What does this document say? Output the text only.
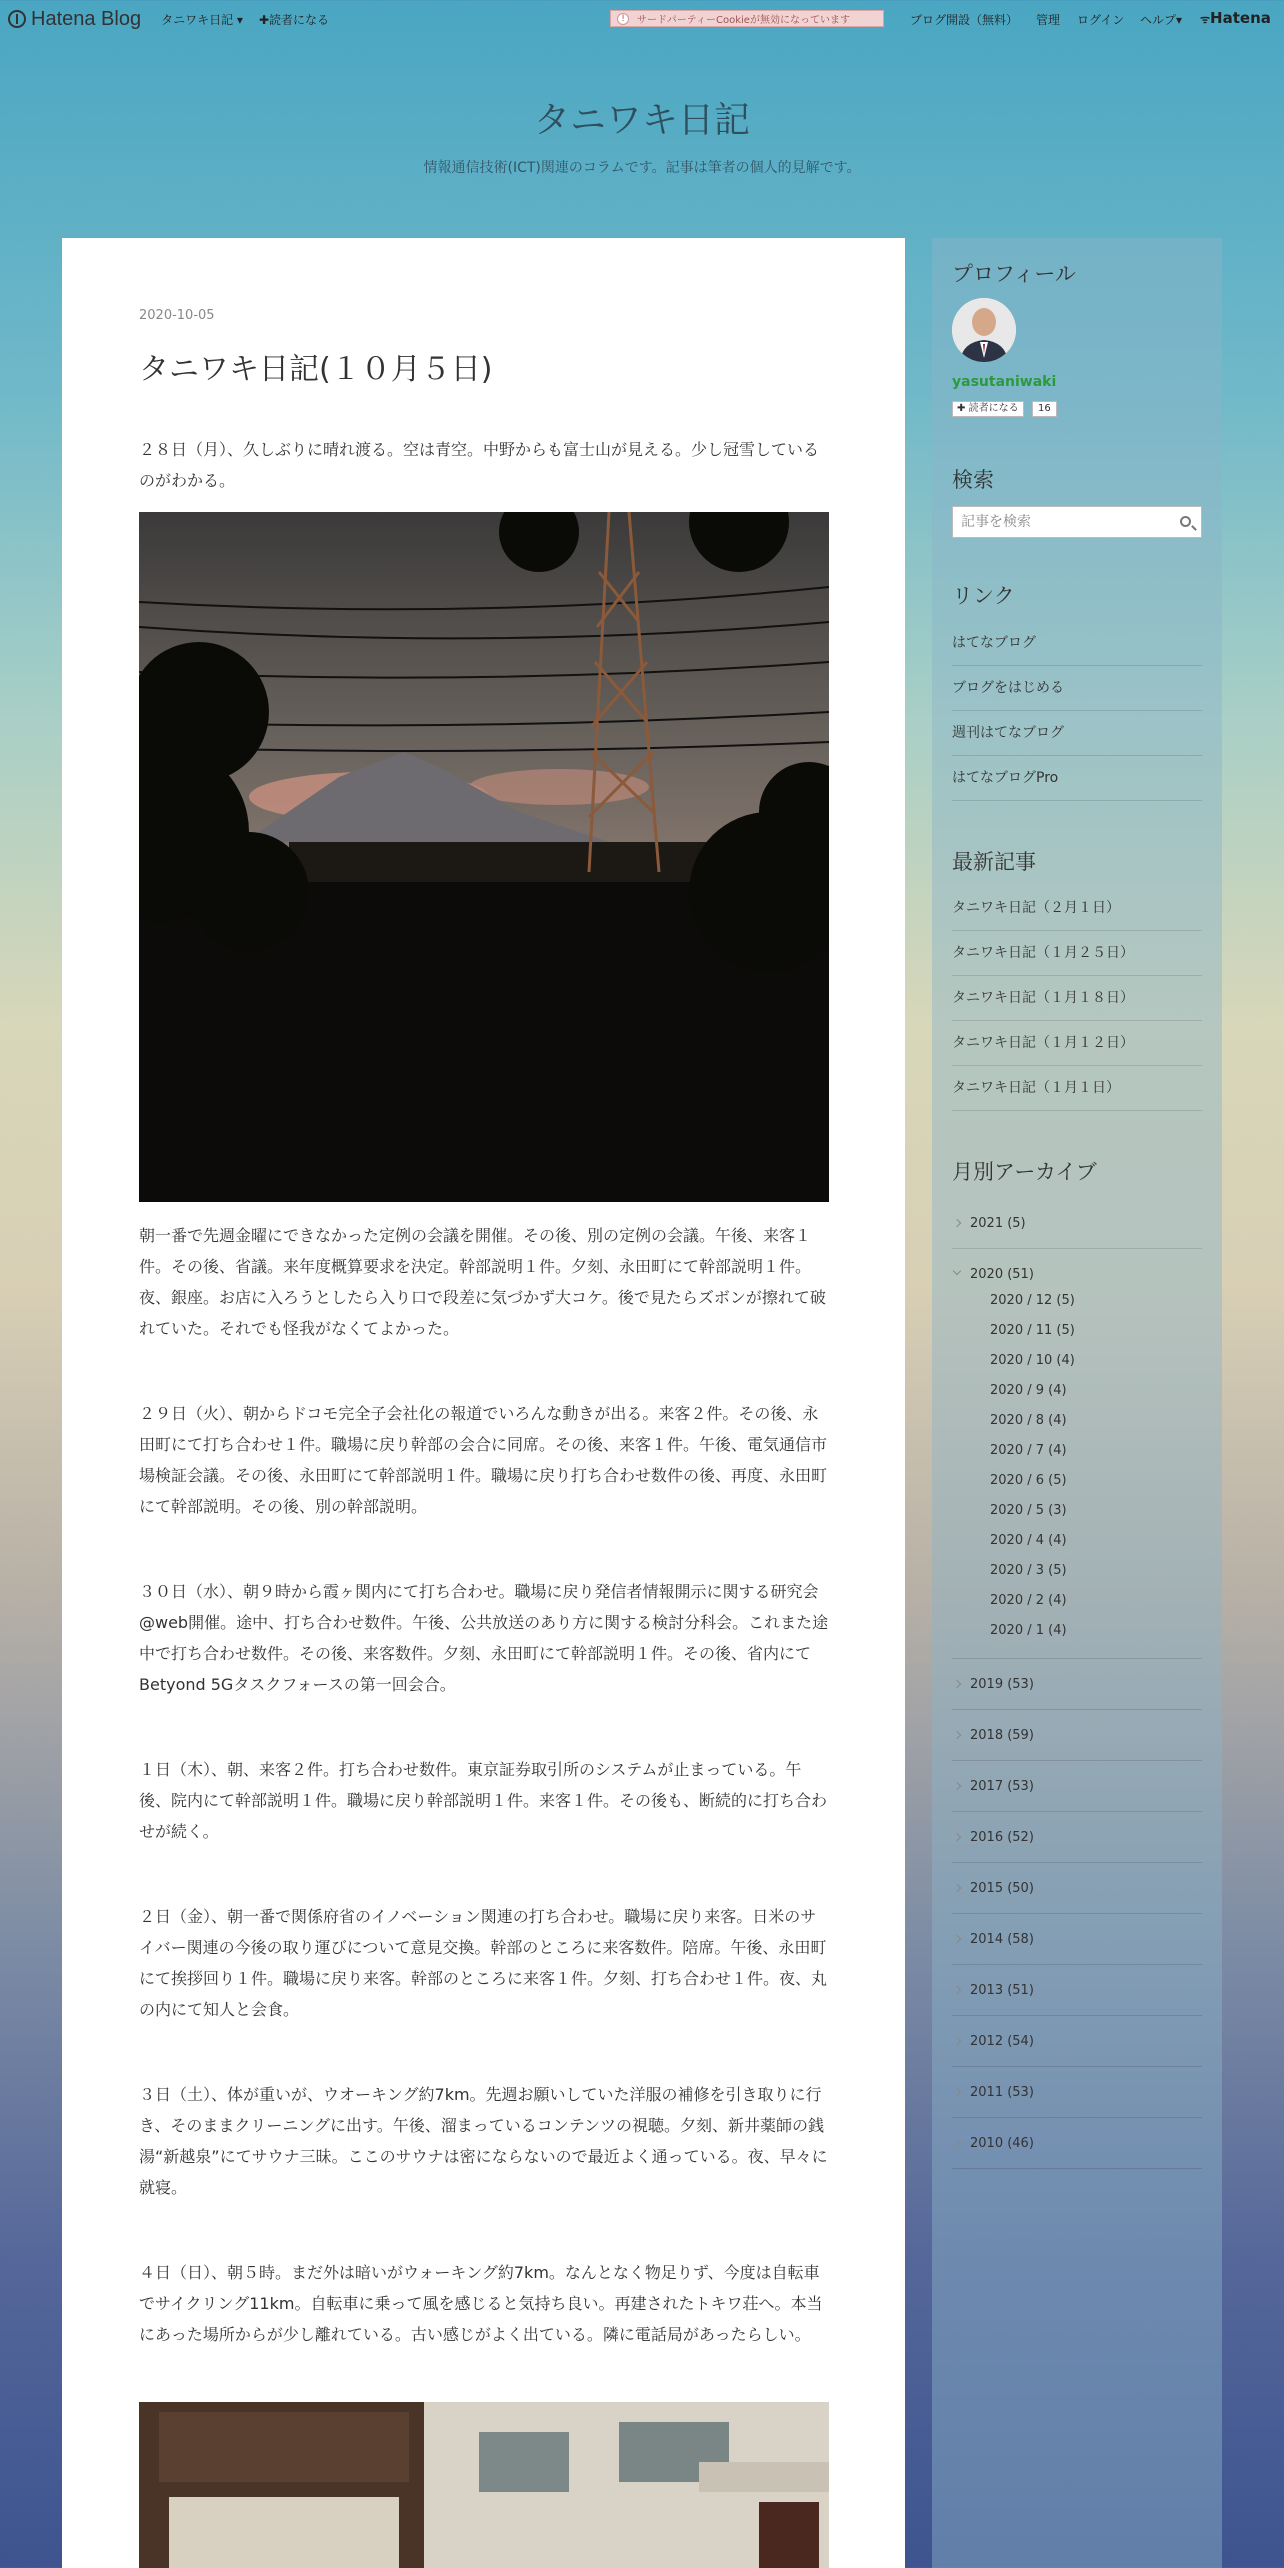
Hatena Blog タニワキ日記 ▾ ✚読者になる	!	サードパーティーCookieが無効になっています	ブログ開設（無料） 管理 ログイン ヘルプ▾ ᯤHatena
タニワキ日記

情報通信技術(ICT)関連のコラムです。記事は筆者の個人的見解です。

2020-10-05
タニワキ日記(１０月５日)

２８日（月）、久しぶりに晴れ渡る。空は青空。中野からも富士山が見える。少し冠雪しているのがわかる。

朝一番で先週金曜にできなかった定例の会議を開催。その後、別の定例の会議。午後、来客１件。その後、省議。来年度概算要求を決定。幹部説明１件。夕刻、永田町にて幹部説明１件。夜、銀座。お店に入ろうとしたら入り口で段差に気づかず大コケ。後で見たらズボンが擦れて破れていた。それでも怪我がなくてよかった。

２９日（火）、朝からドコモ完全子会社化の報道でいろんな動きが出る。来客２件。その後、永田町にて打ち合わせ１件。職場に戻り幹部の会合に同席。その後、来客１件。午後、電気通信市場検証会議。その後、永田町にて幹部説明１件。職場に戻り打ち合わせ数件の後、再度、永田町にて幹部説明。その後、別の幹部説明。

３０日（水）、朝９時から霞ヶ関内にて打ち合わせ。職場に戻り発信者情報開示に関する研究会@web開催。途中、打ち合わせ数件。午後、公共放送のあり方に関する検討分科会。これまた途中で打ち合わせ数件。その後、来客数件。夕刻、永田町にて幹部説明１件。その後、省内にてBetyond 5Gタスクフォースの第一回会合。

１日（木）、朝、来客２件。打ち合わせ数件。東京証券取引所のシステムが止まっている。午後、院内にて幹部説明１件。職場に戻り幹部説明１件。来客１件。その後も、断続的に打ち合わせが続く。

２日（金）、朝一番で関係府省のイノベーション関連の打ち合わせ。職場に戻り来客。日米のサイバー関連の今後の取り運びについて意見交換。幹部のところに来客数件。陪席。午後、永田町にて挨拶回り１件。職場に戻り来客。幹部のところに来客１件。夕刻、打ち合わせ１件。夜、丸の内にて知人と会食。

３日（土）、体が重いが、ウオーキング約7km。先週お願いしていた洋服の補修を引き取りに行き、そのままクリーニングに出す。午後、溜まっているコンテンツの視聴。夕刻、新井薬師の銭湯“新越泉”にてサウナ三昧。ここのサウナは密にならないので最近よく通っている。夜、早々に就寝。

４日（日）、朝５時。まだ外は暗いがウォーキング約7km。なんとなく物足りず、今度は自転車でサイクリング11km。自転車に乗って風を感じると気持ち良い。再建されたトキワ荘へ。本当にあった場所からが少し離れている。古い感じがよく出ている。隣に電話局があったらしい。

プロフィール
yasutaniwaki
✚ 読者になる	16
検索
記事を検索
リンク
はてなブログ
ブログをはじめる
週刊はてなブログ
はてなブログPro
最新記事
タニワキ日記（２月１日）
タニワキ日記（１月２５日）
タニワキ日記（１月１８日）
タニワキ日記（１月１２日）
タニワキ日記（１月１日）
月別アーカイブ
2021 (5)
2020 (51)
2020 / 12 (5)
2020 / 11 (5)
2020 / 10 (4)
2020 / 9 (4)
2020 / 8 (4)
2020 / 7 (4)
2020 / 6 (5)
2020 / 5 (3)
2020 / 4 (4)
2020 / 3 (5)
2020 / 2 (4)
2020 / 1 (4)
2019 (53)
2018 (59)
2017 (53)
2016 (52)
2015 (50)
2014 (58)
2013 (51)
2012 (54)
2011 (53)
2010 (46)
